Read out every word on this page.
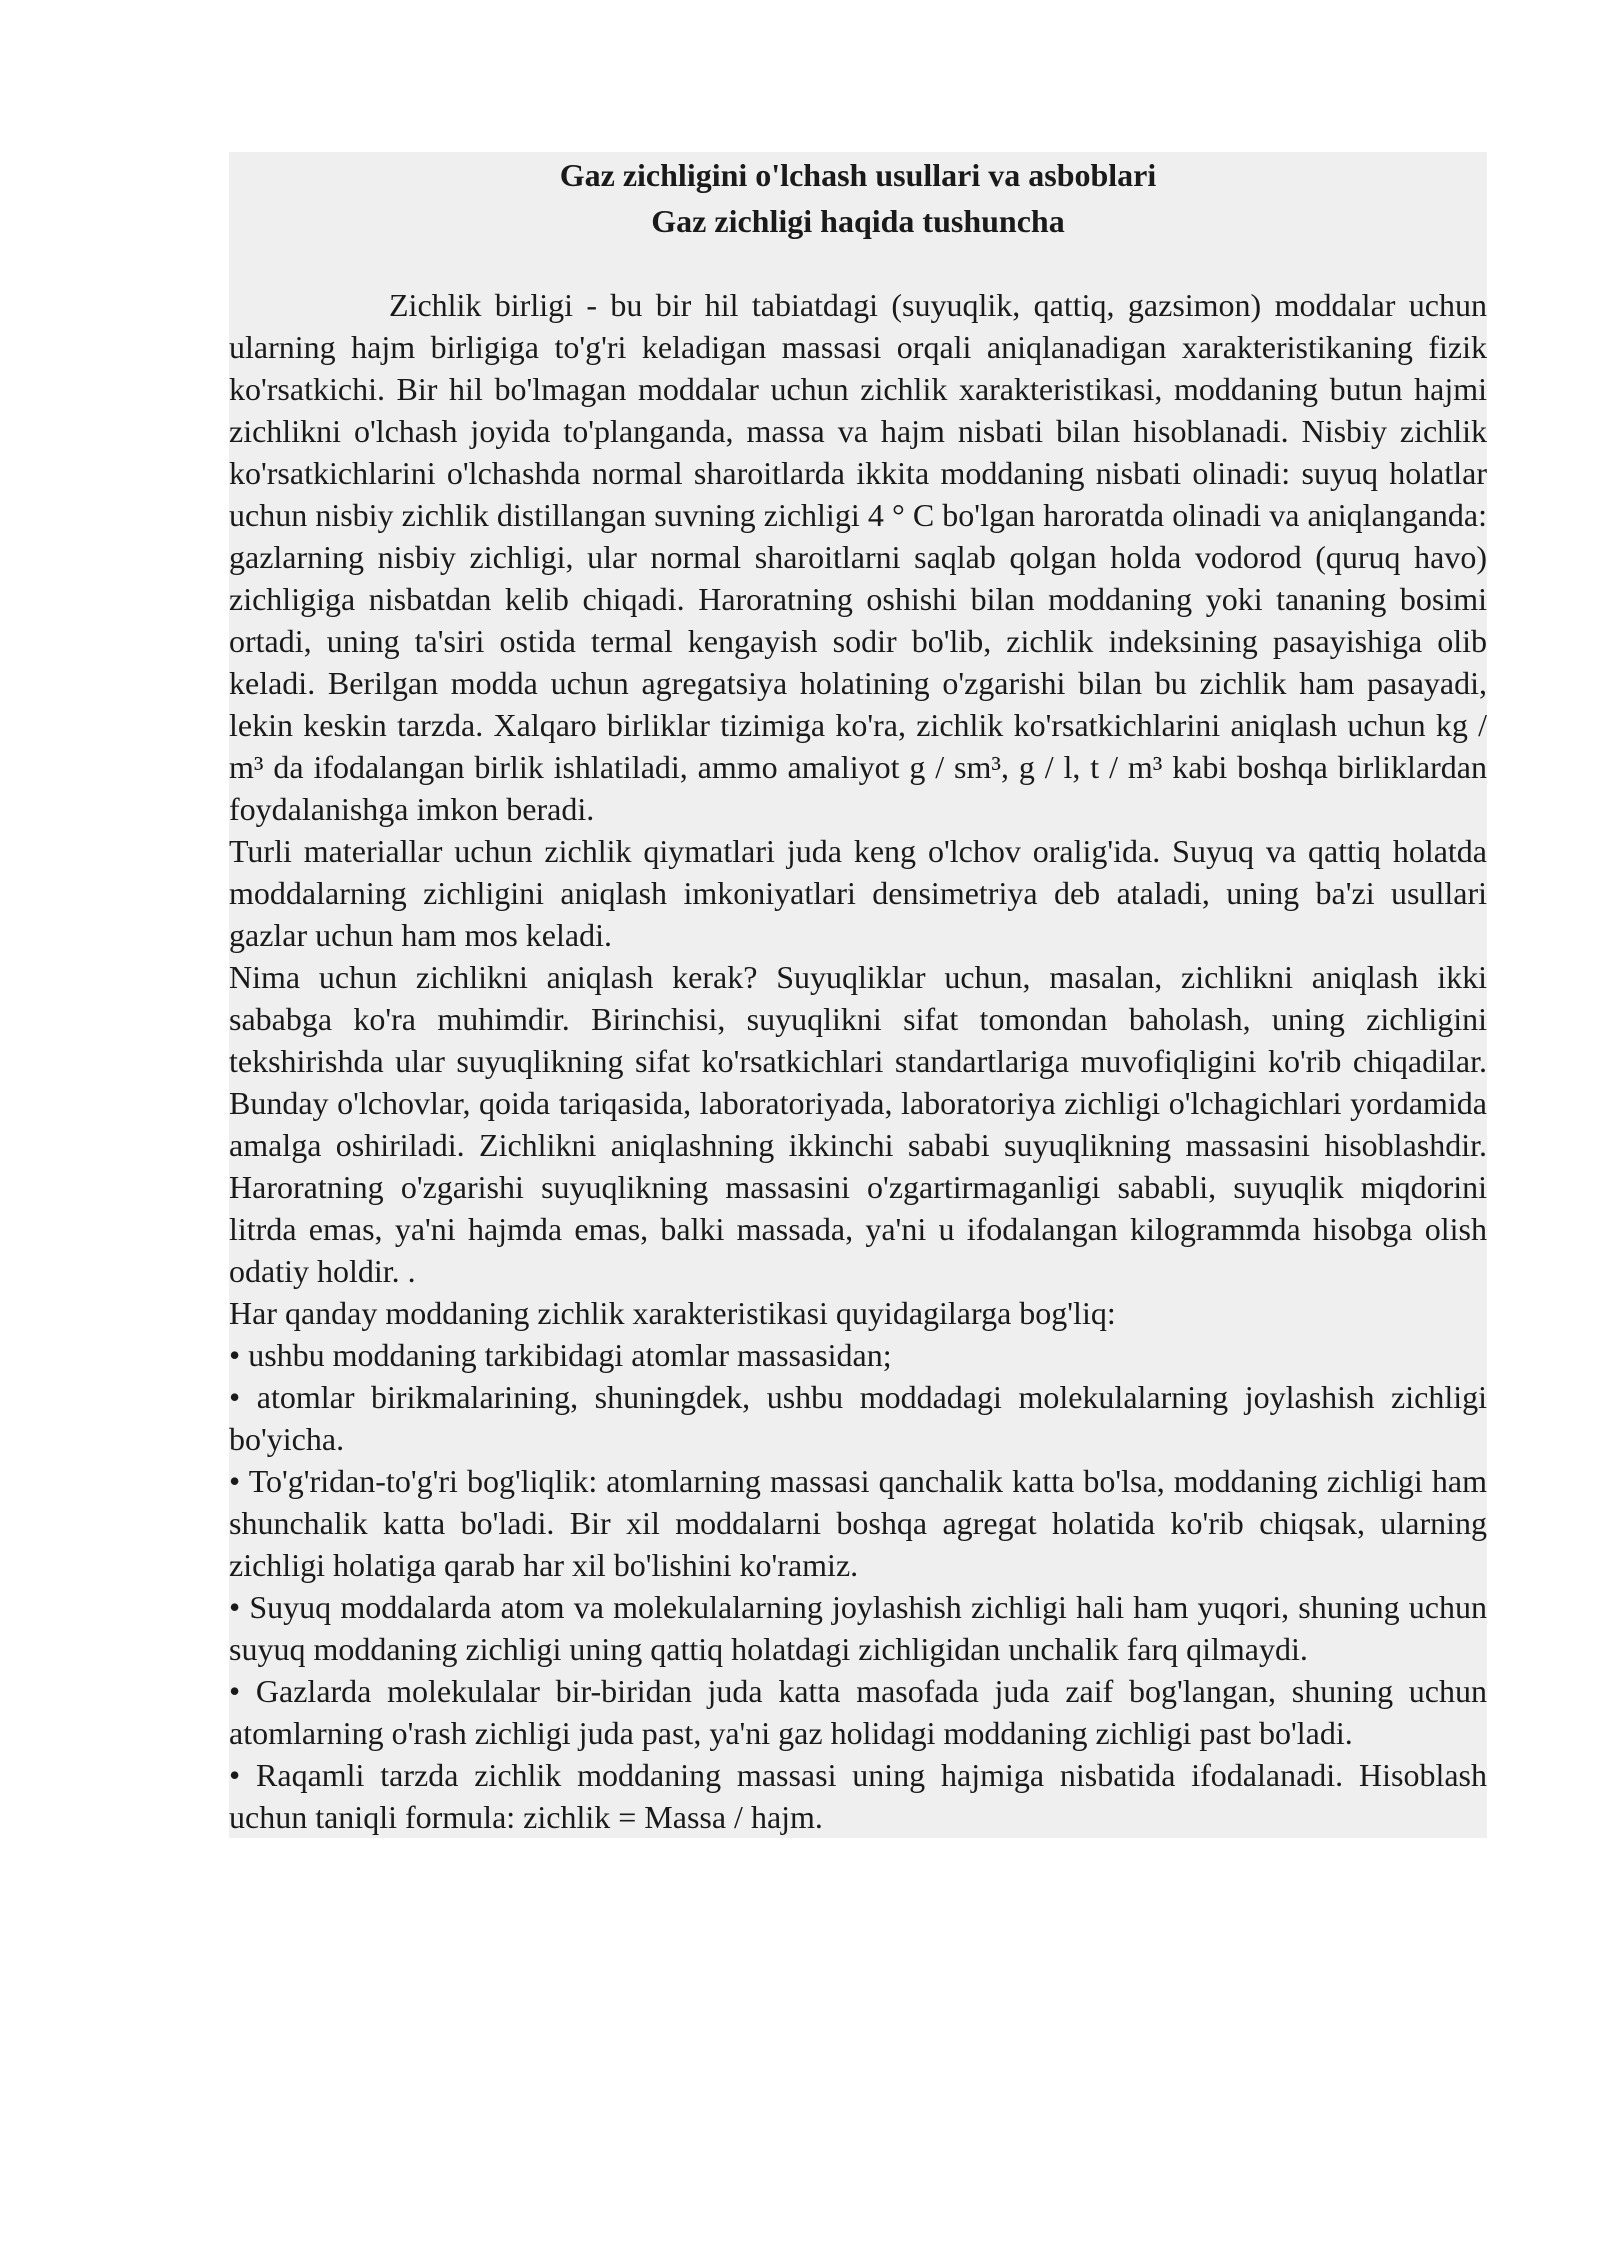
Gaz zichligini o'lchash usullari va asboblari
Gaz zichligi haqida tushuncha

Zichlik birligi - bu bir hil tabiatdagi (suyuqlik, qattiq, gazsimon) moddalar uchun ularning hajm birligiga to'g'ri keladigan massasi orqali aniqlanadigan xarakteristikaning fizik ko'rsatkichi. Bir hil bo'lmagan moddalar uchun zichlik xarakteristikasi, moddaning butun hajmi zichlikni o'lchash joyida to'planganda, massa va hajm nisbati bilan hisoblanadi. Nisbiy zichlik ko'rsatkichlarini o'lchashda normal sharoitlarda ikkita moddaning nisbati olinadi: suyuq holatlar uchun nisbiy zichlik distillangan suvning zichligi 4 ° C bo'lgan haroratda olinadi va aniqlanganda: gazlarning nisbiy zichligi, ular normal sharoitlarni saqlab qolgan holda vodorod (quruq havo) zichligiga nisbatdan kelib chiqadi. Haroratning oshishi bilan moddaning yoki tananing bosimi ortadi, uning ta'siri ostida termal kengayish sodir bo'lib, zichlik indeksining pasayishiga olib keladi. Berilgan modda uchun agregatsiya holatining o'zgarishi bilan bu zichlik ham pasayadi, lekin keskin tarzda. Xalqaro birliklar tizimiga ko'ra, zichlik ko'rsatkichlarini aniqlash uchun kg / m³ da ifodalangan birlik ishlatiladi, ammo amaliyot g / sm³, g / l, t / m³ kabi boshqa birliklardan foydalanishga imkon beradi.

Turli materiallar uchun zichlik qiymatlari juda keng o'lchov oralig'ida. Suyuq va qattiq holatda moddalarning zichligini aniqlash imkoniyatlari densimetriya deb ataladi, uning ba'zi usullari gazlar uchun ham mos keladi.

Nima uchun zichlikni aniqlash kerak? Suyuqliklar uchun, masalan, zichlikni aniqlash ikki sababga ko'ra muhimdir. Birinchisi, suyuqlikni sifat tomondan baholash, uning zichligini tekshirishda ular suyuqlikning sifat ko'rsatkichlari standartlariga muvofiqligini ko'rib chiqadilar. Bunday o'lchovlar, qoida tariqasida, laboratoriyada, laboratoriya zichligi o'lchagichlari yordamida amalga oshiriladi. Zichlikni aniqlashning ikkinchi sababi suyuqlikning massasini hisoblashdir. Haroratning o'zgarishi suyuqlikning massasini o'zgartirmaganligi sababli, suyuqlik miqdorini litrda emas, ya'ni hajmda emas, balki massada, ya'ni u ifodalangan kilogrammda hisobga olish odatiy holdir. .

Har qanday moddaning zichlik xarakteristikasi quyidagilarga bog'liq:

• ushbu moddaning tarkibidagi atomlar massasidan;

• atomlar birikmalarining, shuningdek, ushbu moddadagi molekulalarning joylashish zichligi bo'yicha.

• To'g'ridan-to'g'ri bog'liqlik: atomlarning massasi qanchalik katta bo'lsa, moddaning zichligi ham shunchalik katta bo'ladi. Bir xil moddalarni boshqa agregat holatida ko'rib chiqsak, ularning zichligi holatiga qarab har xil bo'lishini ko'ramiz.

• Suyuq moddalarda atom va molekulalarning joylashish zichligi hali ham yuqori, shuning uchun suyuq moddaning zichligi uning qattiq holatdagi zichligidan unchalik farq qilmaydi.

• Gazlarda molekulalar bir-biridan juda katta masofada juda zaif bog'langan, shuning uchun atomlarning o'rash zichligi juda past, ya'ni gaz holidagi moddaning zichligi past bo'ladi.

• Raqamli tarzda zichlik moddaning massasi uning hajmiga nisbatida ifodalanadi. Hisoblash uchun taniqli formula: zichlik = Massa / hajm.
